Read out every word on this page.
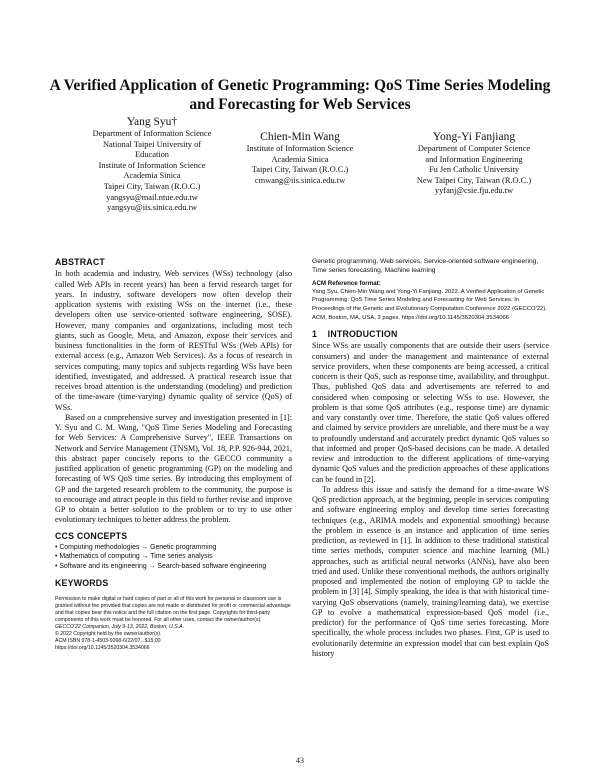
A Verified Application of Genetic Programming: QoS Time Series Modeling and Forecasting for Web Services
Yang Syu†
Department of Information Science
National Taipei University of
Education
Institute of Information Science
Academia Sinica
Taipei City, Taiwan (R.O.C.)
yangsyu@mail.ntue.edu.tw
yangsyu@iis.sinica.edu.tw
Chien-Min Wang
Institute of Information Science
Academia Sinica
Taipei City, Taiwan (R.O.C.)
cmwang@iis.sinica.edu.tw
Yong-Yi Fanjiang
Department of Computer Science
and Information Engineering
Fu Jen Catholic University
New Taipei City, Taiwan (R.O.C.)
yyfanj@csie.fju.edu.tw
ABSTRACT

In both academia and industry, Web services (WSs) technology (also called Web APIs in recent years) has been a fervid research target for years. In industry, software developers now often develop their application systems with existing WSs on the internet (i.e., these developers often use service-oriented software engineering, SOSE). However, many companies and organizations, including most tech giants, such as Google, Meta, and Amazon, expose their services and business functionalities in the form of RESTful WSs (Web APIs) for external access (e.g., Amazon Web Services). As a focus of research in services computing, many topics and subjects regarding WSs have been identified, investigated, and addressed. A practical research issue that receives broad attention is the understanding (modeling) and prediction of the time-aware (time-varying) dynamic quality of service (QoS) of WSs.

Based on a comprehensive survey and investigation presented in [1]: Y. Syu and C. M. Wang, "QoS Time Series Modeling and Forecasting for Web Services: A Comprehensive Survey", IEEE Transactions on Network and Service Management (TNSM), Vol. 18, P.P. 926-944, 2021, this abstract paper concisely reports to the GECCO community a justified application of genetic programming (GP) on the modeling and forecasting of WS QoS time series. By introducing this employment of GP and the targeted research problem to the community, the purpose is to encourage and attract people in this field to further revise and improve GP to obtain a better solution to the problem or to try to use other evolutionary techniques to better address the problem.

CCS CONCEPTS
• Computing methodologies → Genetic programming
• Mathematics of computing → Time series analysis
• Software and its engineering → Search-based software engineering
KEYWORDS

Permission to make digital or hard copies of part or all of this work for personal or classroom use is granted without fee provided that copies are not made or distributed for profit or commercial advantage and that copies bear this notice and the full citation on the first page. Copyrights for third-party components of this work must be honored. For all other uses, contact the owner/author(s).

GECCO'22 Companion, July 9-13, 2022, Boston, U.S.A.

© 2022 Copyright held by the owner/author(s).

ACM ISBN 978-1-4503-9268-6/22/07...$15.00

https://doi.org/10.1145/3520304.3534066

Genetic programming, Web services, Service-oriented software engineering, Time series forecasting, Machine learning

ACM Reference format:

Yang Syu, Chien-Min Wang and Yong-Yi Fanjiang. 2022. A Verified Application of Genetic Programming: QoS Time Series Modeling and Forecasting for Web Services. In Proceedings of the Genetic and Evolutionary Computation Conference 2022 (GECCO'22). ACM, Boston, MA, USA, 2 pages. https://doi.org/10.1145/3520304.3534066

1    INTRODUCTION

Since WSs are usually components that are outside their users (service consumers) and under the management and maintenance of external service providers, when these components are being accessed, a critical concern is their QoS, such as response time, availability, and throughput. Thus, published QoS data and advertisements are referred to and considered when composing or selecting WSs to use. However, the problem is that some QoS attributes (e.g., response time) are dynamic and vary constantly over time. Therefore, the static QoS values offered and claimed by service providers are unreliable, and there must be a way to profoundly understand and accurately predict dynamic QoS values so that informed and proper QoS-based decisions can be made. A detailed review and introduction to the different applications of time-varying dynamic QoS values and the prediction approaches of these applications can be found in [2].

To address this issue and satisfy the demand for a time-aware WS QoS prediction approach, at the beginning, people in services computing and software engineering employ and develop time series forecasting techniques (e.g., ARIMA models and exponential smoothing) because the problem in essence is an instance and application of time series prediction, as reviewed in [1]. In addition to these traditional statistical time series methods, computer science and machine learning (ML) approaches, such as artificial neural networks (ANNs), have also been tried and used. Unlike these conventional methods, the authors originally proposed and implemented the notion of employing GP to tackle the problem in [3] [4]. Simply speaking, the idea is that with historical time-varying QoS observations (namely, training/learning data), we exercise GP to evolve a mathematical expression-based QoS model (i.e., predictor) for the performance of QoS time series forecasting. More specifically, the whole process includes two phases. First, GP is used to evolutionarily determine an expression model that can best explain QoS history

43
